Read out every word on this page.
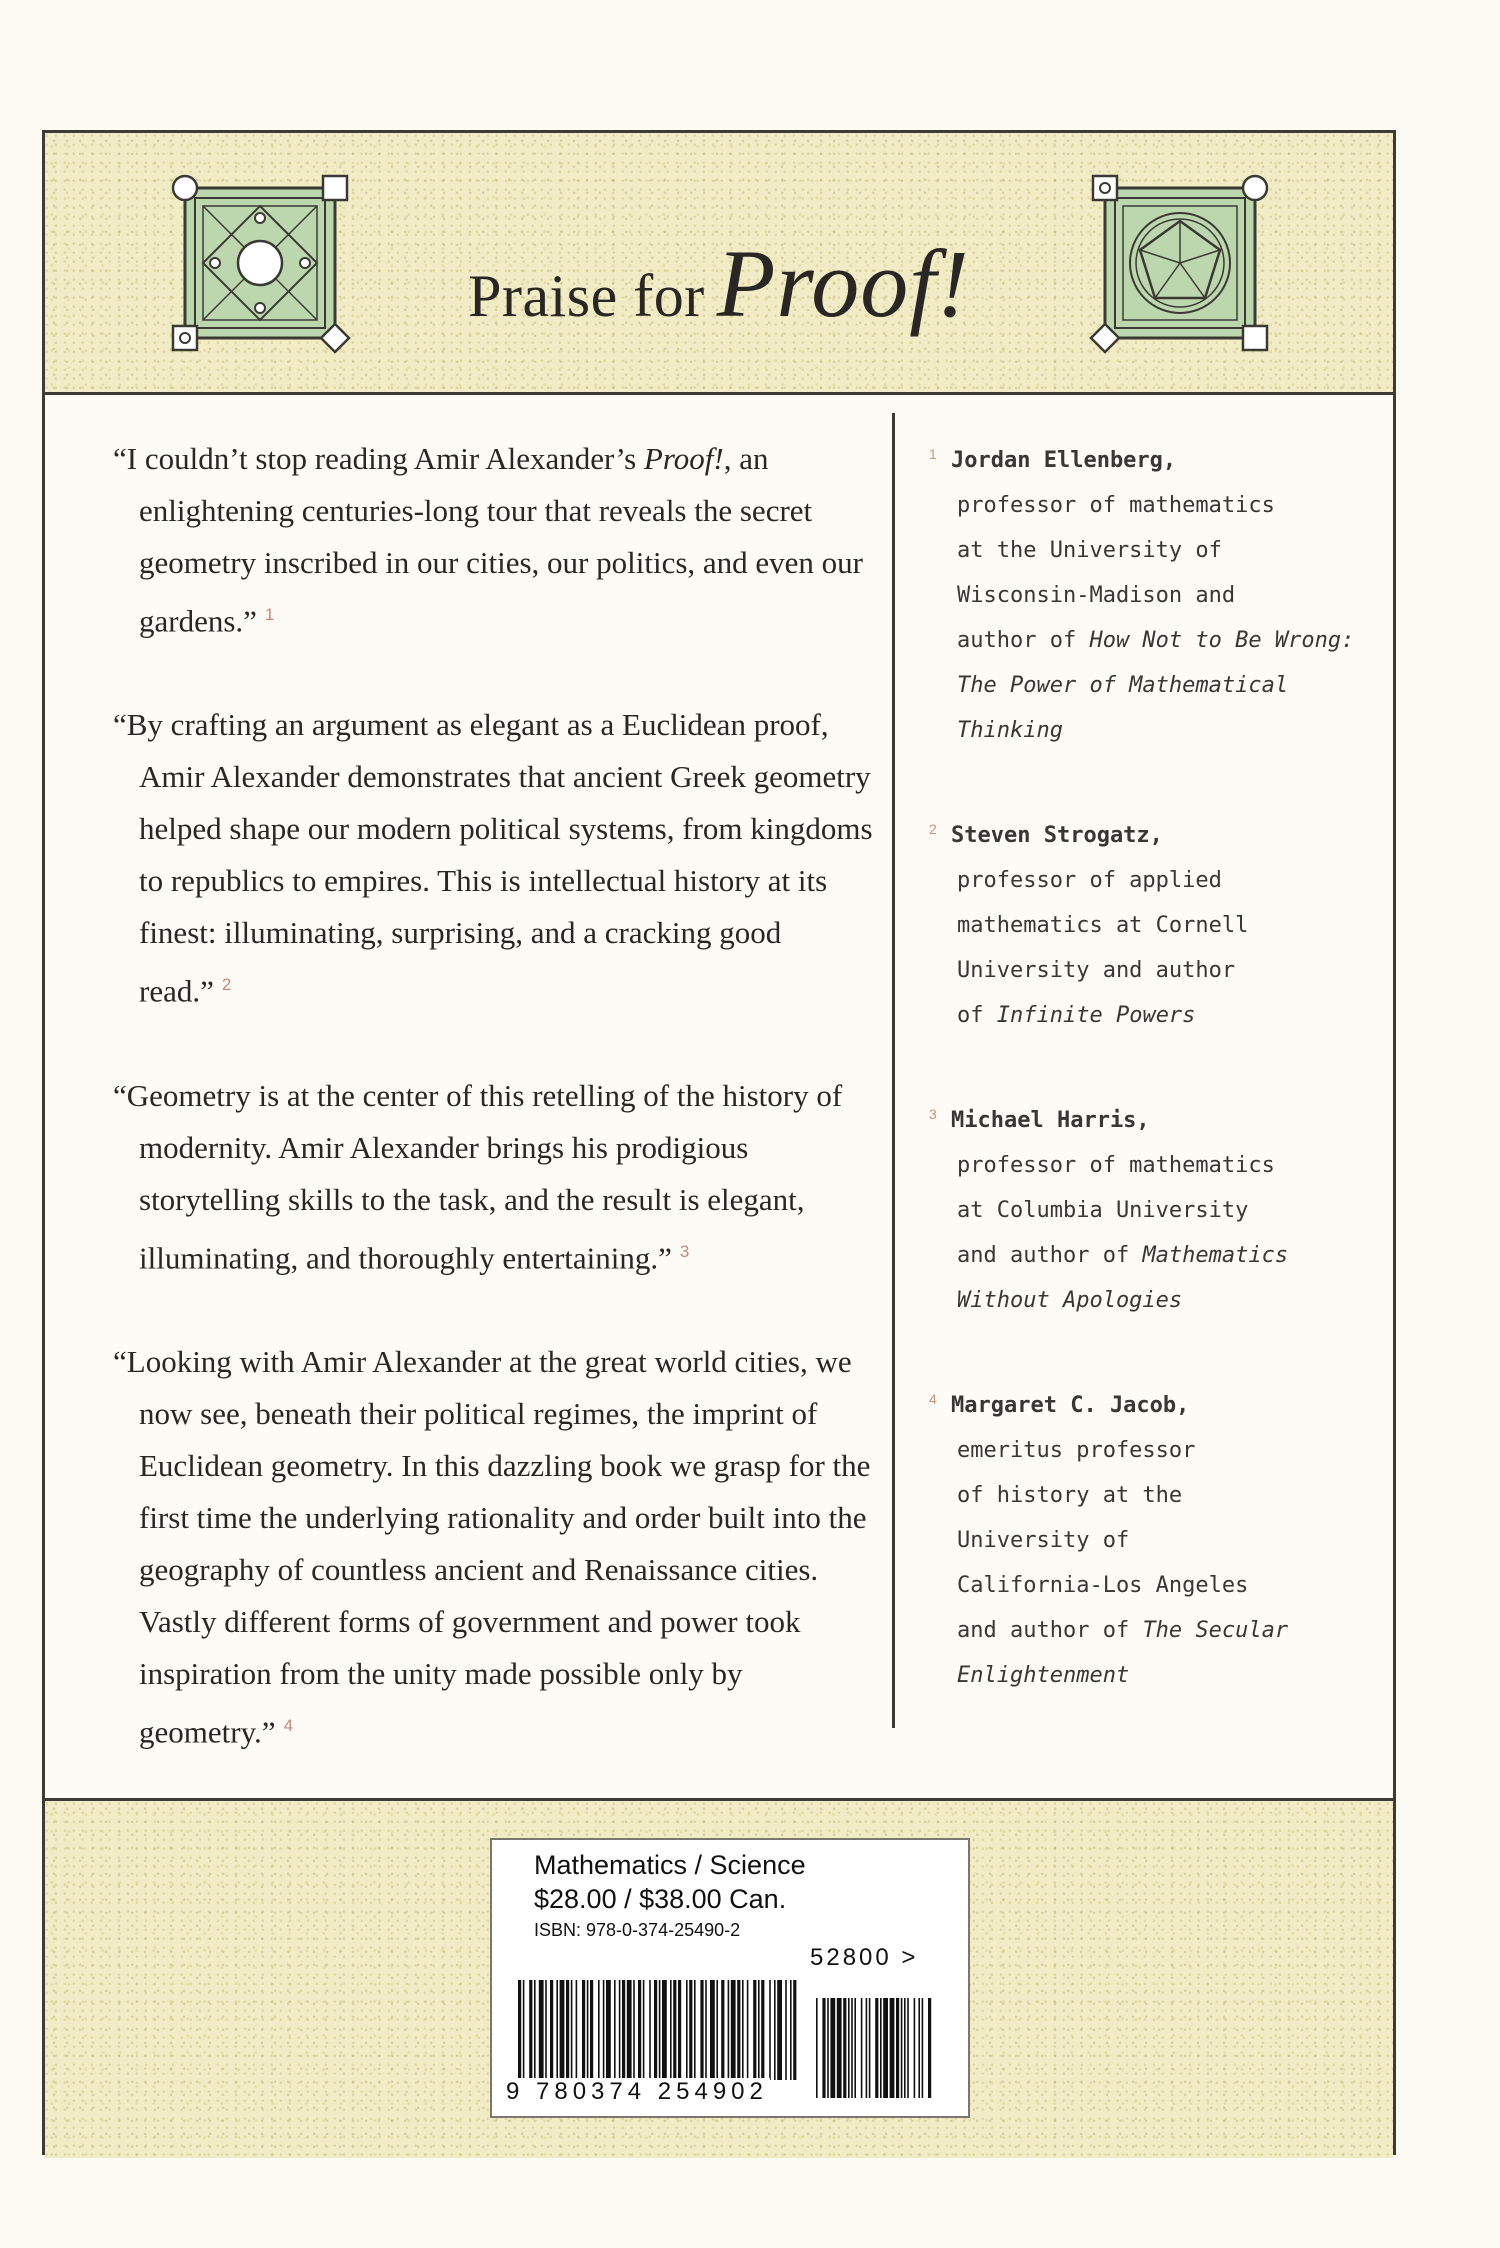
Praise for Proof!

“I couldn’t stop reading Amir Alexander’s Proof!, an enlightening centuries-long tour that reveals the secret geometry inscribed in our cities, our politics, and even our gardens.” $^1$

“By crafting an argument as elegant as a Euclidean proof, Amir Alexander demonstrates that ancient Greek geometry helped shape our modern political systems, from kingdoms to republics to empires. This is intellectual history at its finest: illuminating, surprising, and a cracking good read.” $^2$

“Geometry is at the center of this retelling of the history of modernity. Amir Alexander brings his prodigious storytelling skills to the task, and the result is elegant, illuminating, and thoroughly entertaining.” $^3$

“Looking with Amir Alexander at the great world cities, we now see, beneath their political regimes, the imprint of Euclidean geometry. In this dazzling book we grasp for the first time the underlying rationality and order built into the geography of countless ancient and Renaissance cities. Vastly different forms of government and power took inspiration from the unity made possible only by geometry.” $^4$

1 Jordan Ellenberg,
professor of mathematics
at the University of
Wisconsin-Madison and
author of How Not to Be Wrong: The Power of Mathematical Thinking
2 Steven Strogatz,
professor of applied
mathematics at Cornell
University and author
of Infinite Powers
3 Michael Harris,
professor of mathematics
at Columbia University
and author of Mathematics Without Apologies
4 Margaret C. Jacob,
emeritus professor
of history at the
University of
California-Los Angeles
and author of The Secular Enlightenment
Mathematics / Science
$28.00 / $38.00 Can.
ISBN: 978-0-374-25490-2
52800 >
9 780374 254902
